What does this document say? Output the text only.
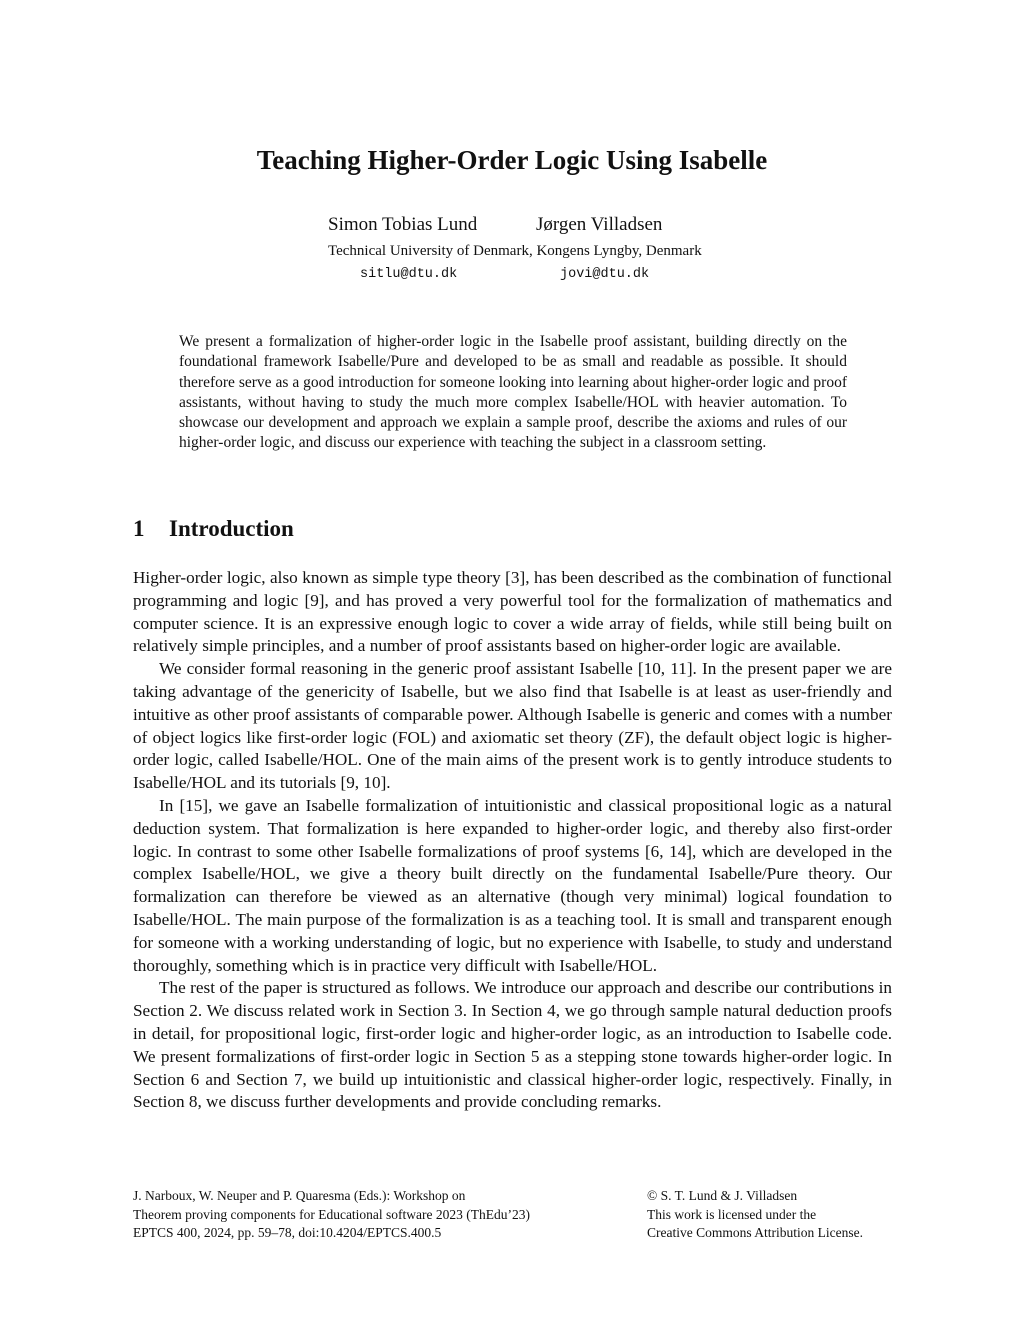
Teaching Higher-Order Logic Using Isabelle
Simon Tobias Lund	Jørgen Villadsen
Technical University of Denmark, Kongens Lyngby, Denmark
sitlu@dtu.dk	jovi@dtu.dk
We present a formalization of higher-order logic in the Isabelle proof assistant, building directly on the foundational framework Isabelle/Pure and developed to be as small and readable as possible. It should therefore serve as a good introduction for someone looking into learning about higher-order logic and proof assistants, without having to study the much more complex Isabelle/HOL with heavier automation. To showcase our development and approach we explain a sample proof, describe the axioms and rules of our higher-order logic, and discuss our experience with teaching the subject in a classroom setting.
1 Introduction

Higher-order logic, also known as simple type theory [3], has been described as the combination of functional programming and logic [9], and has proved a very powerful tool for the formalization of mathematics and computer science. It is an expressive enough logic to cover a wide array of fields, while still being built on relatively simple principles, and a number of proof assistants based on higher-order logic are available.

We consider formal reasoning in the generic proof assistant Isabelle [10, 11]. In the present paper we are taking advantage of the genericity of Isabelle, but we also find that Isabelle is at least as user-friendly and intuitive as other proof assistants of comparable power. Although Isabelle is generic and comes with a number of object logics like first-order logic (FOL) and axiomatic set theory (ZF), the default object logic is higher-order logic, called Isabelle/HOL. One of the main aims of the present work is to gently introduce students to Isabelle/HOL and its tutorials [9, 10].

In [15], we gave an Isabelle formalization of intuitionistic and classical propositional logic as a natural deduction system. That formalization is here expanded to higher-order logic, and thereby also first-order logic. In contrast to some other Isabelle formalizations of proof systems [6, 14], which are developed in the complex Isabelle/HOL, we give a theory built directly on the fundamental Isabelle/Pure theory. Our formalization can therefore be viewed as an alternative (though very minimal) logical foundation to Isabelle/HOL. The main purpose of the formalization is as a teaching tool. It is small and transparent enough for someone with a working understanding of logic, but no experience with Isabelle, to study and understand thoroughly, something which is in practice very difficult with Isabelle/HOL.

The rest of the paper is structured as follows. We introduce our approach and describe our contributions in Section 2. We discuss related work in Section 3. In Section 4, we go through sample natural deduction proofs in detail, for propositional logic, first-order logic and higher-order logic, as an introduction to Isabelle code. We present formalizations of first-order logic in Section 5 as a stepping stone towards higher-order logic. In Section 6 and Section 7, we build up intuitionistic and classical higher-order logic, respectively. Finally, in Section 8, we discuss further developments and provide concluding remarks.

J. Narboux, W. Neuper and P. Quaresma (Eds.): Workshop on
Theorem proving components for Educational software 2023 (ThEdu’23)
EPTCS 400, 2024, pp. 59–78, doi:10.4204/EPTCS.400.5
© S. T. Lund & J. Villadsen
This work is licensed under the
Creative Commons Attribution License.
